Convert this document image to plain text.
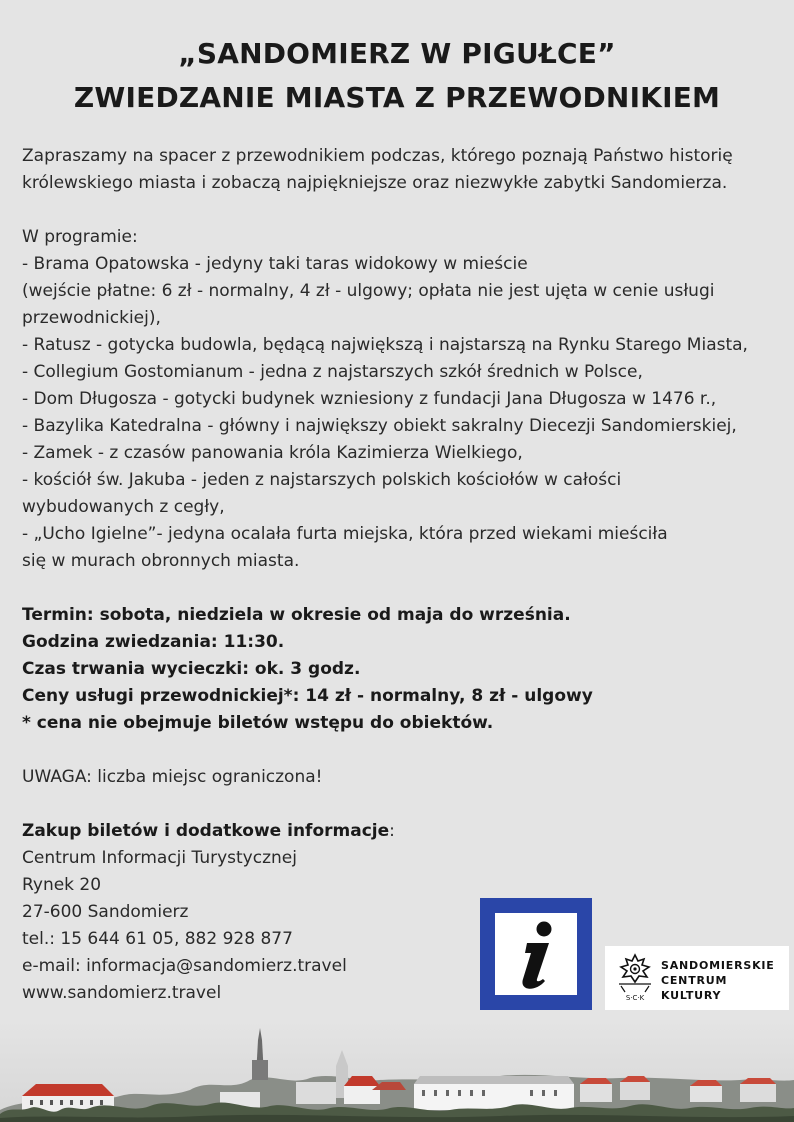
„SANDOMIERZ W PIGUŁCE”
ZWIEDZANIE MIASTA Z PRZEWODNIKIEM

Zapraszamy na spacer z przewodnikiem podczas, którego poznają Państwo historię

królewskiego miasta i zobaczą najpiękniejsze oraz niezwykłe zabytki Sandomierza.

W programie:

- Brama Opatowska - jedyny taki taras widokowy w mieście

(wejście płatne: 6 zł - normalny, 4 zł - ulgowy; opłata nie jest ujęta w cenie usługi

przewodnickiej),

- Ratusz - gotycka budowla, będącą największą i najstarszą na Rynku Starego Miasta,

- Collegium Gostomianum - jedna z najstarszych szkół średnich w Polsce,

- Dom Długosza - gotycki budynek wzniesiony z fundacji Jana Długosza w 1476 r.,

- Bazylika Katedralna - główny i największy obiekt sakralny Diecezji Sandomierskiej,

- Zamek - z czasów panowania króla Kazimierza Wielkiego,

- kościół św. Jakuba - jeden z najstarszych polskich kościołów w całości

wybudowanych z cegły,

- „Ucho Igielne”- jedyna ocalała furta miejska, która przed wiekami mieściła

się w murach obronnych miasta.

Termin: sobota, niedziela w okresie od maja do września.

Godzina zwiedzania: 11:30.

Czas trwania wycieczki: ok. 3 godz.

Ceny usługi przewodnickiej*: 14 zł - normalny, 8 zł - ulgowy

* cena nie obejmuje biletów wstępu do obiektów.

UWAGA: liczba miejsc ograniczona!

Zakup biletów i dodatkowe informacje:

Centrum Informacji Turystycznej

Rynek 20

27-600 Sandomierz

tel.: 15 644 61 05, 882 928 877

e-mail: informacja@sandomierz.travel

www.sandomierz.travel	S·C·K
SANDOMIERSKIE
CENTRUM
KULTURY
